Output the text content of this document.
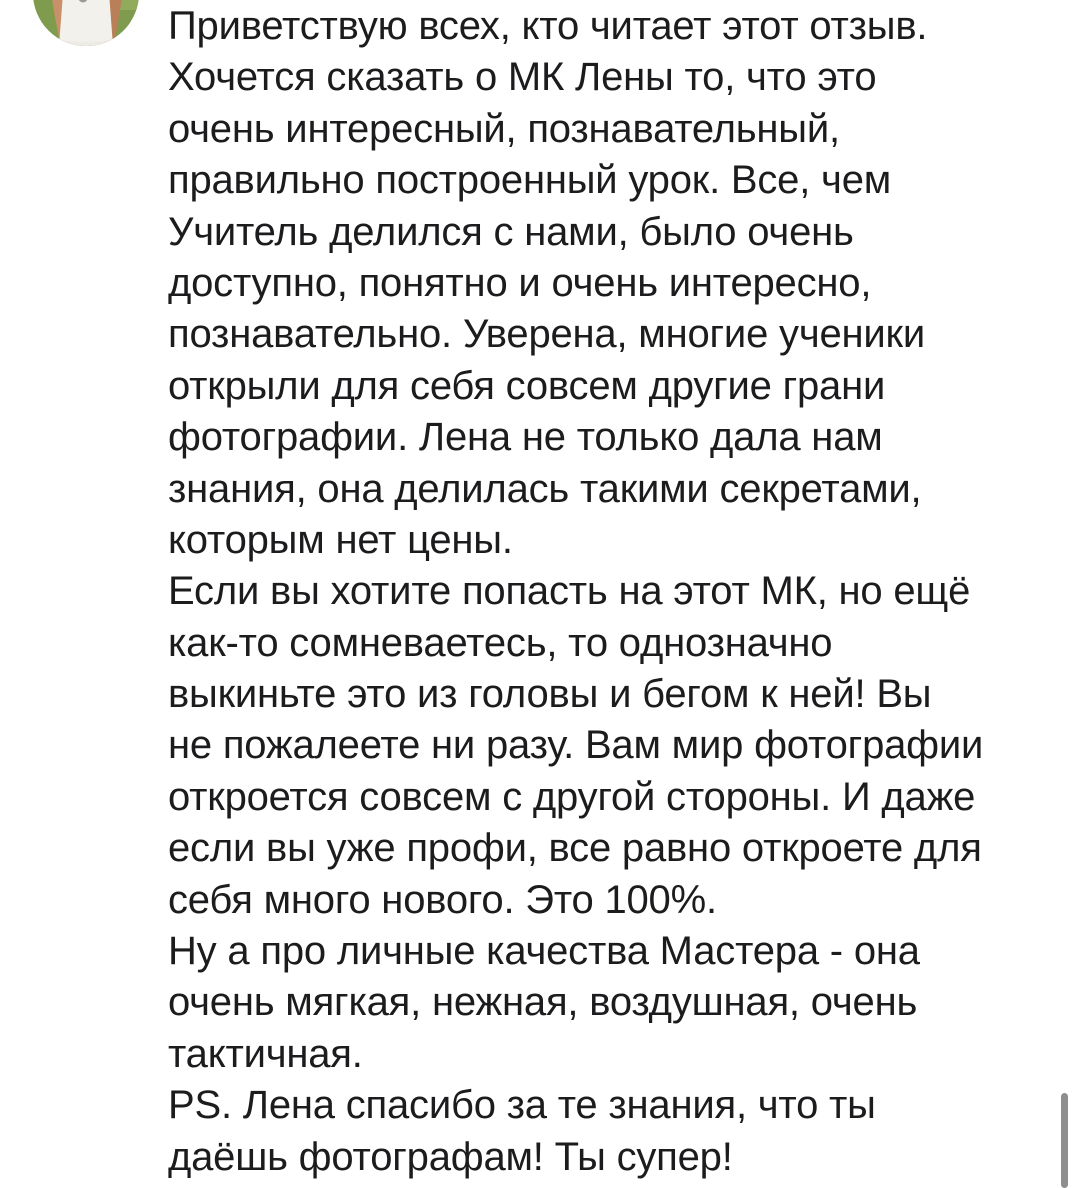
Приветствую всех, кто читает этот отзыв.
Хочется сказать о МК Лены то, что это
очень интересный, познавательный,
правильно построенный урок. Все, чем
Учитель делился с нами, было очень
доступно, понятно и очень интересно,
познавательно. Уверена, многие ученики
открыли для себя совсем другие грани
фотографии. Лена не только дала нам
знания, она делилась такими секретами,
которым нет цены.
Если вы хотите попасть на этот МК, но ещё
как-то сомневаетесь, то однозначно
выкиньте это из головы и бегом к ней! Вы
не пожалеете ни разу. Вам мир фотографии
откроется совсем с другой стороны. И даже
если вы уже профи, все равно откроете для
себя много нового. Это 100%.
Ну а про личные качества Мастера - она
очень мягкая, нежная, воздушная, очень
тактичная.
PS. Лена спасибо за те знания, что ты
даёшь фотографам! Ты супер!
